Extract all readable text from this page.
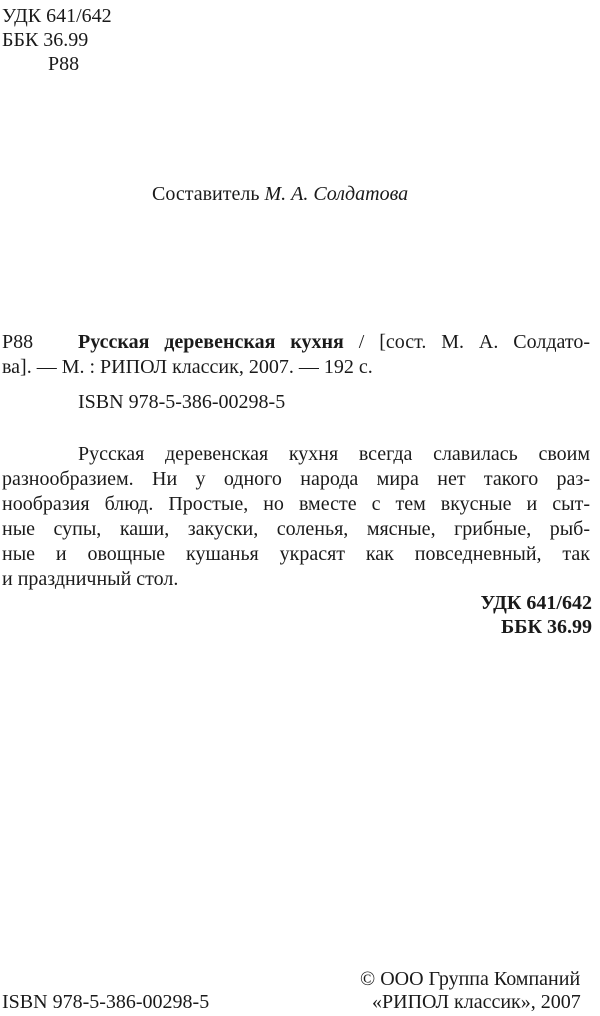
УДК 641/642
ББК 36.99
Р88
Составитель М. А. Солдатова
Р88 Русская деревенская кухня / [сост. М. А. Солдато-
ва]. — М. : РИПОЛ классик, 2007. — 192 с.
ISBN 978-5-386-00298-5
Русская деревенская кухня всегда славилась своим
разнообразием. Ни у одного народа мира нет такого раз-
нообразия блюд. Простые, но вместе с тем вкусные и сыт-
ные супы, каши, закуски, соленья, мясные, грибные, рыб-
ные и овощные кушанья украсят как повседневный, так
и праздничный стол.
УДК 641/642
ББК 36.99
ISBN 978-5-386-00298-5
© ООО Группа Компаний
«РИПОЛ классик», 2007
